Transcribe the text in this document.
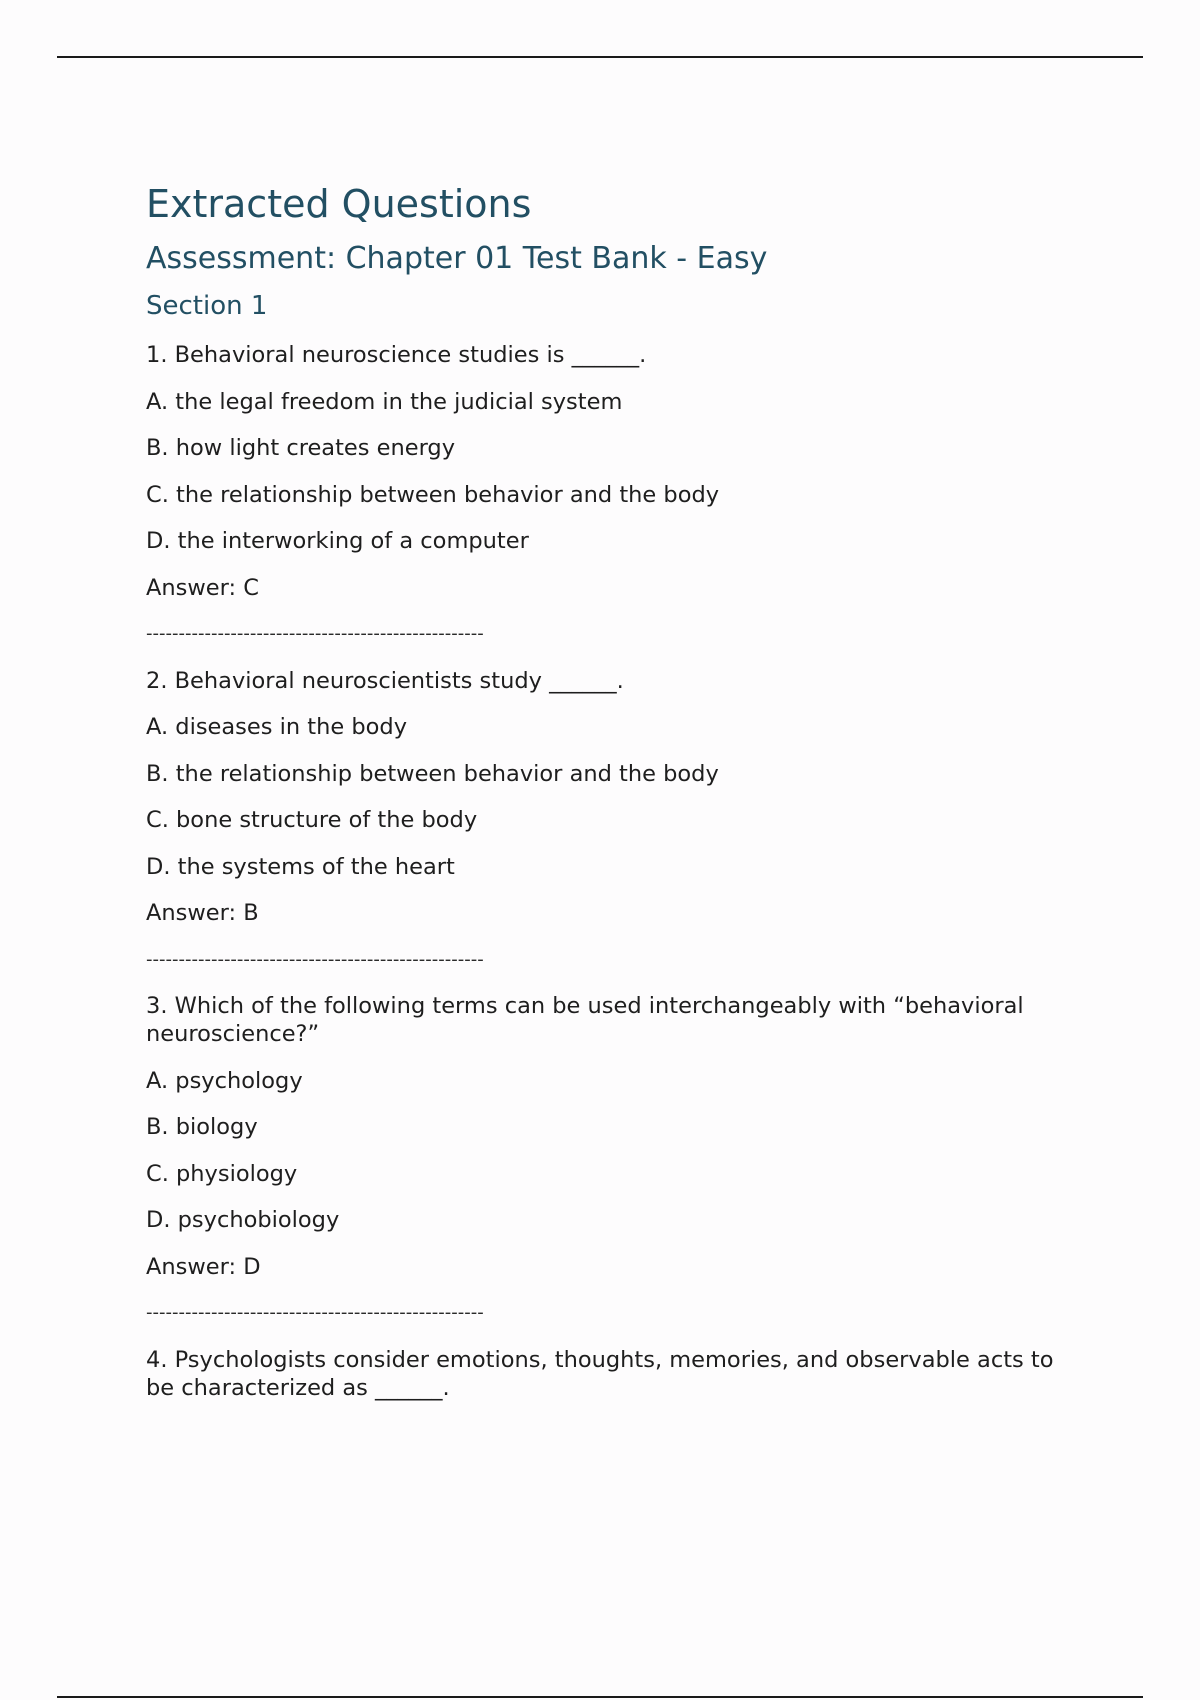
Extracted Questions
Assessment: Chapter 01 Test Bank - Easy
Section 1

1. Behavioral neuroscience studies is ______.

A. the legal freedom in the judicial system

B. how light creates energy

C. the relationship between behavior and the body

D. the interworking of a computer

Answer: C

----------------------------------------------------

2. Behavioral neuroscientists study ______.

A. diseases in the body

B. the relationship between behavior and the body

C. bone structure of the body

D. the systems of the heart

Answer: B

----------------------------------------------------

3. Which of the following terms can be used interchangeably with “behavioral neuroscience?”

A. psychology

B. biology

C. physiology

D. psychobiology

Answer: D

----------------------------------------------------

4. Psychologists consider emotions, thoughts, memories, and observable acts to be characterized as ______.
